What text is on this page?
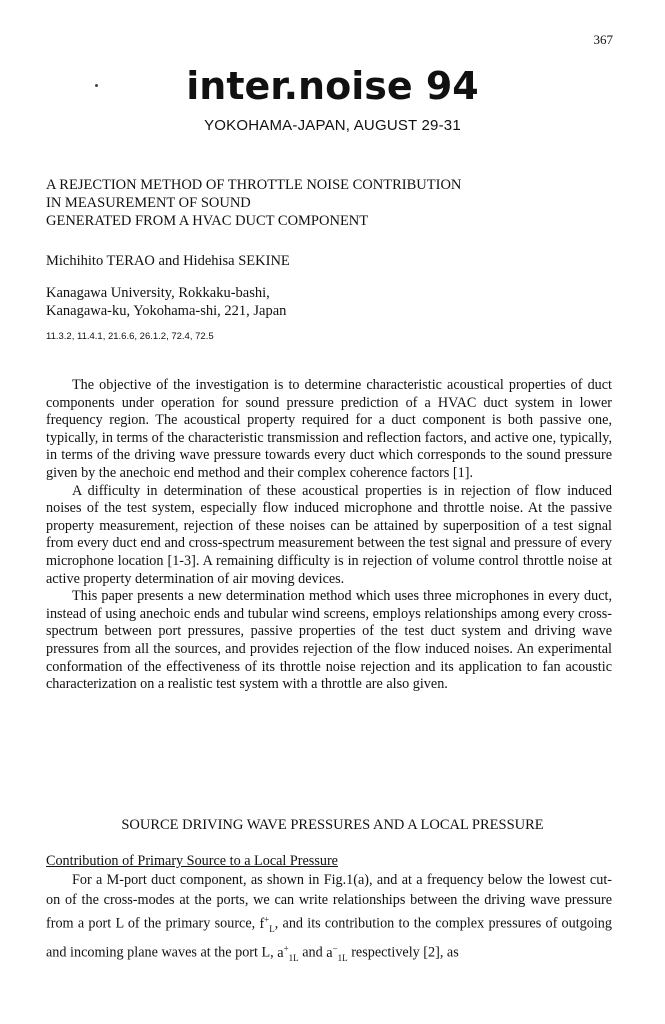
367
inter.noise 94
YOKOHAMA-JAPAN, AUGUST 29-31
A REJECTION METHOD OF THROTTLE NOISE CONTRIBUTION
IN MEASUREMENT OF SOUND
GENERATED FROM A HVAC DUCT COMPONENT
Michihito TERAO and Hidehisa SEKINE
Kanagawa University, Rokkaku-bashi,
Kanagawa-ku, Yokohama-shi, 221, Japan
11.3.2, 11.4.1, 21.6.6, 26.1.2, 72.4, 72.5

The objective of the investigation is to determine characteristic acoustical properties of duct components under operation for sound pressure prediction of a HVAC duct system in lower frequency region. The acoustical property required for a duct component is both passive one, typically, in terms of the characteristic transmission and reflection factors, and active one, typically, in terms of the driving wave pressure towards every duct which corresponds to the sound pressure given by the anechoic end method and their complex coherence factors [1].

A difficulty in determination of these acoustical properties is in rejection of flow induced noises of the test system, especially flow induced microphone and throttle noise. At the passive property measurement, rejection of these noises can be attained by superposition of a test signal from every duct end and cross-spectrum measurement between the test signal and pressure of every microphone location [1-3]. A remaining difficulty is in rejection of volume control throttle noise at active property determination of air moving devices.

This paper presents a new determination method which uses three microphones in every duct, instead of using anechoic ends and tubular wind screens, employs relationships among every cross-spectrum between port pressures, passive properties of the test duct system and driving wave pressures from all the sources, and provides rejection of the flow induced noises. An experimental conformation of the effectiveness of its throttle noise rejection and its application to fan acoustic characterization on a realistic test system with a throttle are also given.

SOURCE DRIVING WAVE PRESSURES AND A LOCAL PRESSURE
Contribution of Primary Source to a Local Pressure

For a M-port duct component, as shown in Fig.1(a), and at a frequency below the lowest cut-on of the cross-modes at the ports, we can write relationships between the driving wave pressure from a port L of the primary source, $f^+_L$, and its contribution to the complex pressures of outgoing and incoming plane waves at the port L, $a^+_{1L}$ and $a^-_{1L}$ respectively [2], as
